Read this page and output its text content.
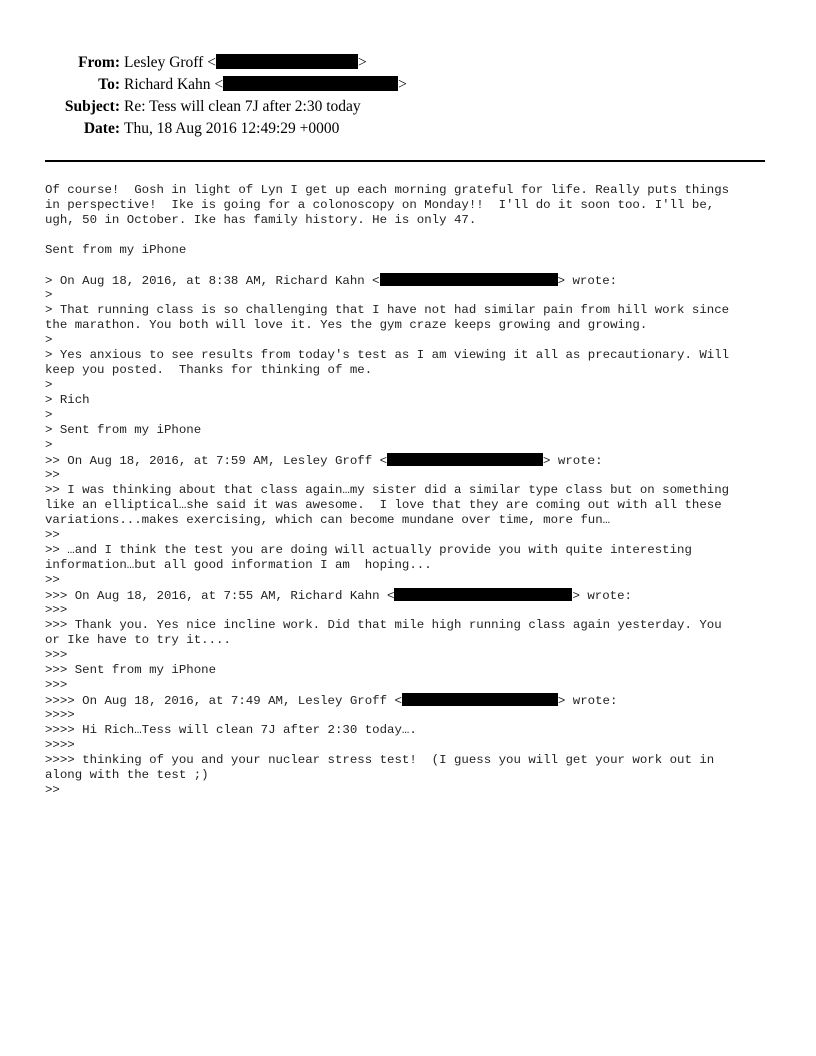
From: Lesley Groff <	>
To: Richard Kahn <	>
Subject: Re: Tess will clean 7J after 2:30 today
Date: Thu, 18 Aug 2016 12:49:29 +0000
Of course!  Gosh in light of Lyn I get up each morning grateful for life. Really puts things
in perspective!  Ike is going for a colonoscopy on Monday!!  I'll do it soon too. I'll be,
ugh, 50 in October. Ike has family history. He is only 47.
Sent from my iPhone
> On Aug 18, 2016, at 8:38 AM, Richard Kahn <	> wrote:
>
> That running class is so challenging that I have not had similar pain from hill work since
the marathon. You both will love it. Yes the gym craze keeps growing and growing.
>
> Yes anxious to see results from today's test as I am viewing it all as precautionary. Will
keep you posted.  Thanks for thinking of me.
>
> Rich
>
> Sent from my iPhone
>
>> On Aug 18, 2016, at 7:59 AM, Lesley Groff <	> wrote:
>>
>> I was thinking about that class again…my sister did a similar type class but on something
like an elliptical…she said it was awesome.  I love that they are coming out with all these
variations...makes exercising, which can become mundane over time, more fun…
>>
>> …and I think the test you are doing will actually provide you with quite interesting
information…but all good information I am  hoping...
>>
>>> On Aug 18, 2016, at 7:55 AM, Richard Kahn <	> wrote:
>>>
>>> Thank you. Yes nice incline work. Did that mile high running class again yesterday. You
or Ike have to try it....
>>>
>>> Sent from my iPhone
>>>
>>>> On Aug 18, 2016, at 7:49 AM, Lesley Groff <	> wrote:
>>>>
>>>> Hi Rich…Tess will clean 7J after 2:30 today….
>>>>
>>>> thinking of you and your nuclear stress test!  (I guess you will get your work out in
along with the test ;)
>>
